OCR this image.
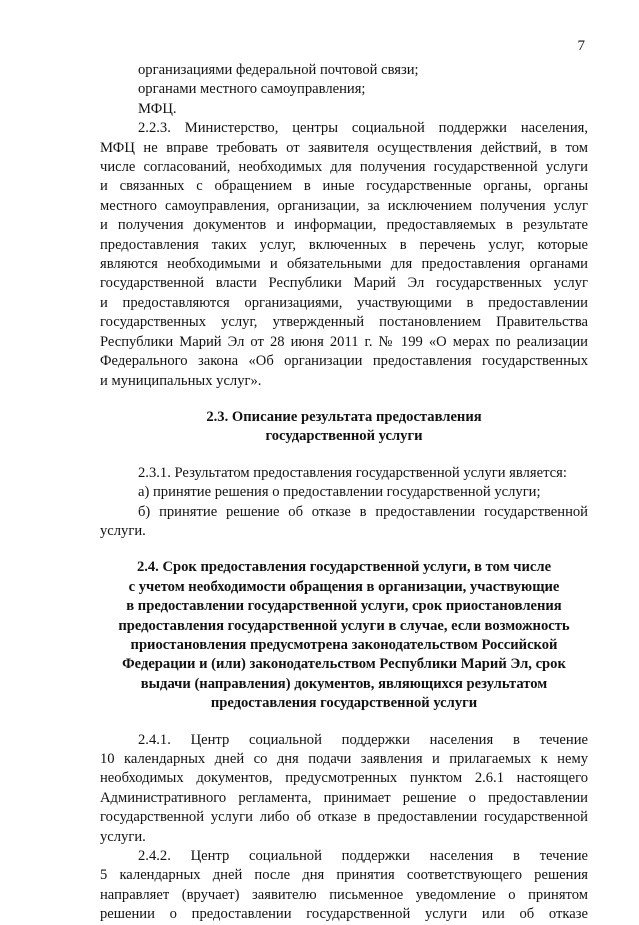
7
организациями федеральной почтовой связи;
органами местного самоуправления;
МФЦ.
2.2.3. Министерство, центры социальной поддержки населения,
МФЦ не вправе требовать от заявителя осуществления действий, в том
числе согласований, необходимых для получения государственной услуги
и связанных с обращением в иные государственные органы, органы
местного самоуправления, организации, за исключением получения услуг
и получения документов и информации, предоставляемых в результате
предоставления таких услуг, включенных в перечень услуг, которые
являются необходимыми и обязательными для предоставления органами
государственной власти Республики Марий Эл государственных услуг
и предоставляются организациями, участвующими в предоставлении
государственных услуг, утвержденный постановлением Правительства
Республики Марий Эл от 28 июня 2011 г. № 199 «О мерах по реализации
Федерального закона «Об организации предоставления государственных
и муниципальных услуг».
2.3. Описание результата предоставления
государственной услуги
2.3.1. Результатом предоставления государственной услуги является:
а) принятие решения о предоставлении государственной услуги;
б) принятие решение об отказе в предоставлении государственной
услуги.
2.4. Срок предоставления государственной услуги, в том числе
с учетом необходимости обращения в организации, участвующие
в предоставлении государственной услуги, срок приостановления
предоставления государственной услуги в случае, если возможность
приостановления предусмотрена законодательством Российской
Федерации и (или) законодательством Республики Марий Эл, срок
выдачи (направления) документов, являющихся результатом
предоставления государственной услуги
2.4.1. Центр социальной поддержки населения в течение
10 календарных дней со дня подачи заявления и прилагаемых к нему
необходимых документов, предусмотренных пунктом 2.6.1 настоящего
Административного регламента, принимает решение о предоставлении
государственной услуги либо об отказе в предоставлении государственной
услуги.
2.4.2. Центр социальной поддержки населения в течение
5 календарных дней после дня принятия соответствующего решения
направляет (вручает) заявителю письменное уведомление о принятом
решении о предоставлении государственной услуги или об отказе
